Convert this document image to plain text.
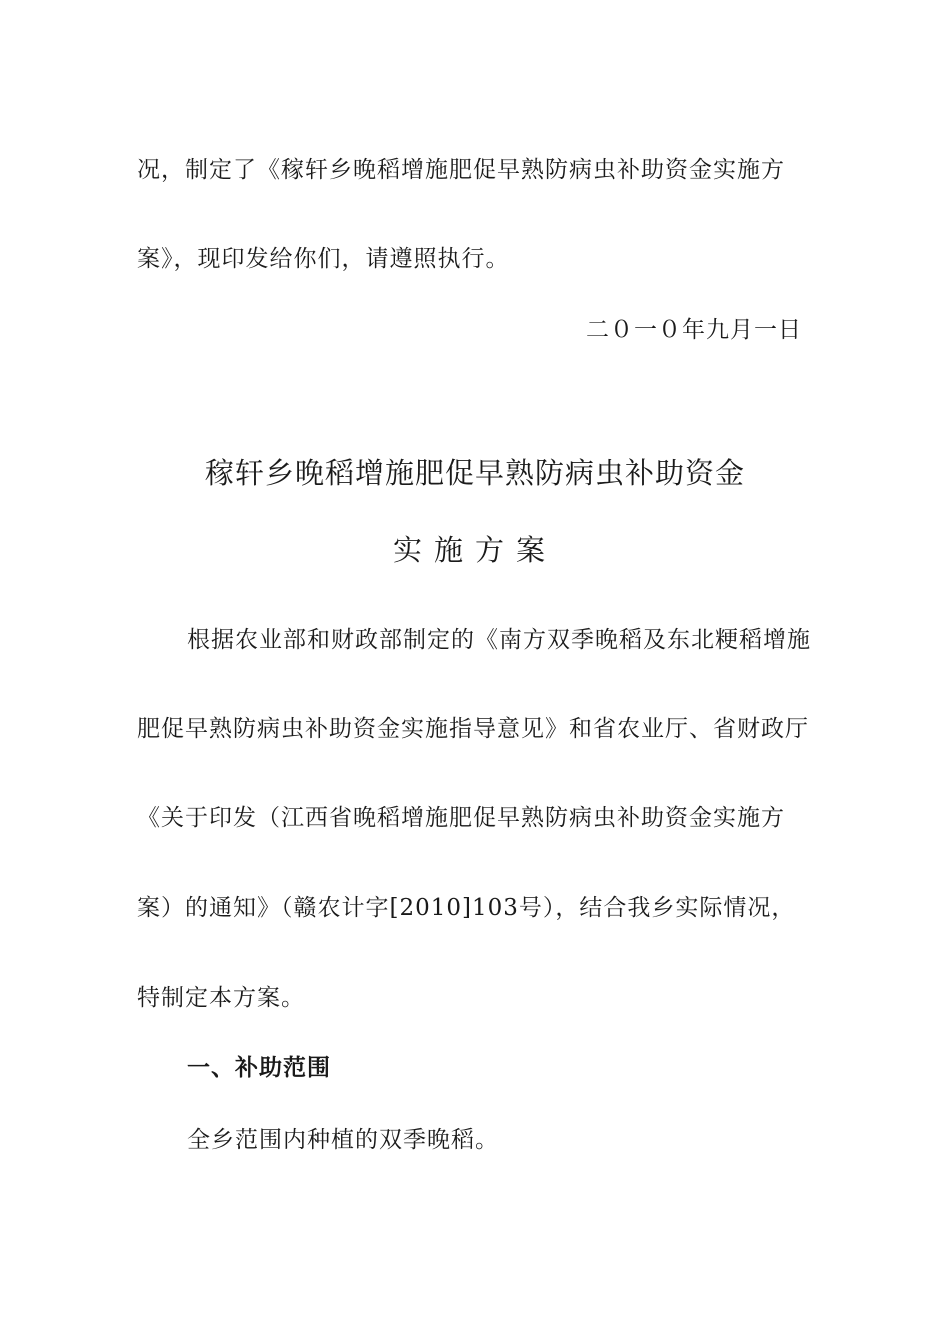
况，制定了《稼轩乡晚稻增施肥促早熟防病虫补助资金实施方
案》，现印发给你们，请遵照执行。
二０一０年九月一日
稼轩乡晚稻增施肥促早熟防病虫补助资金
实施方案
根据农业部和财政部制定的《南方双季晚稻及东北粳稻增施
肥促早熟防病虫补助资金实施指导意见》和省农业厅、省财政厅
《关于印发（江西省晚稻增施肥促早熟防病虫补助资金实施方
案）的通知》（赣农计字[2010]103号），结合我乡实际情况，
特制定本方案。
一、补助范围
全乡范围内种植的双季晚稻。
